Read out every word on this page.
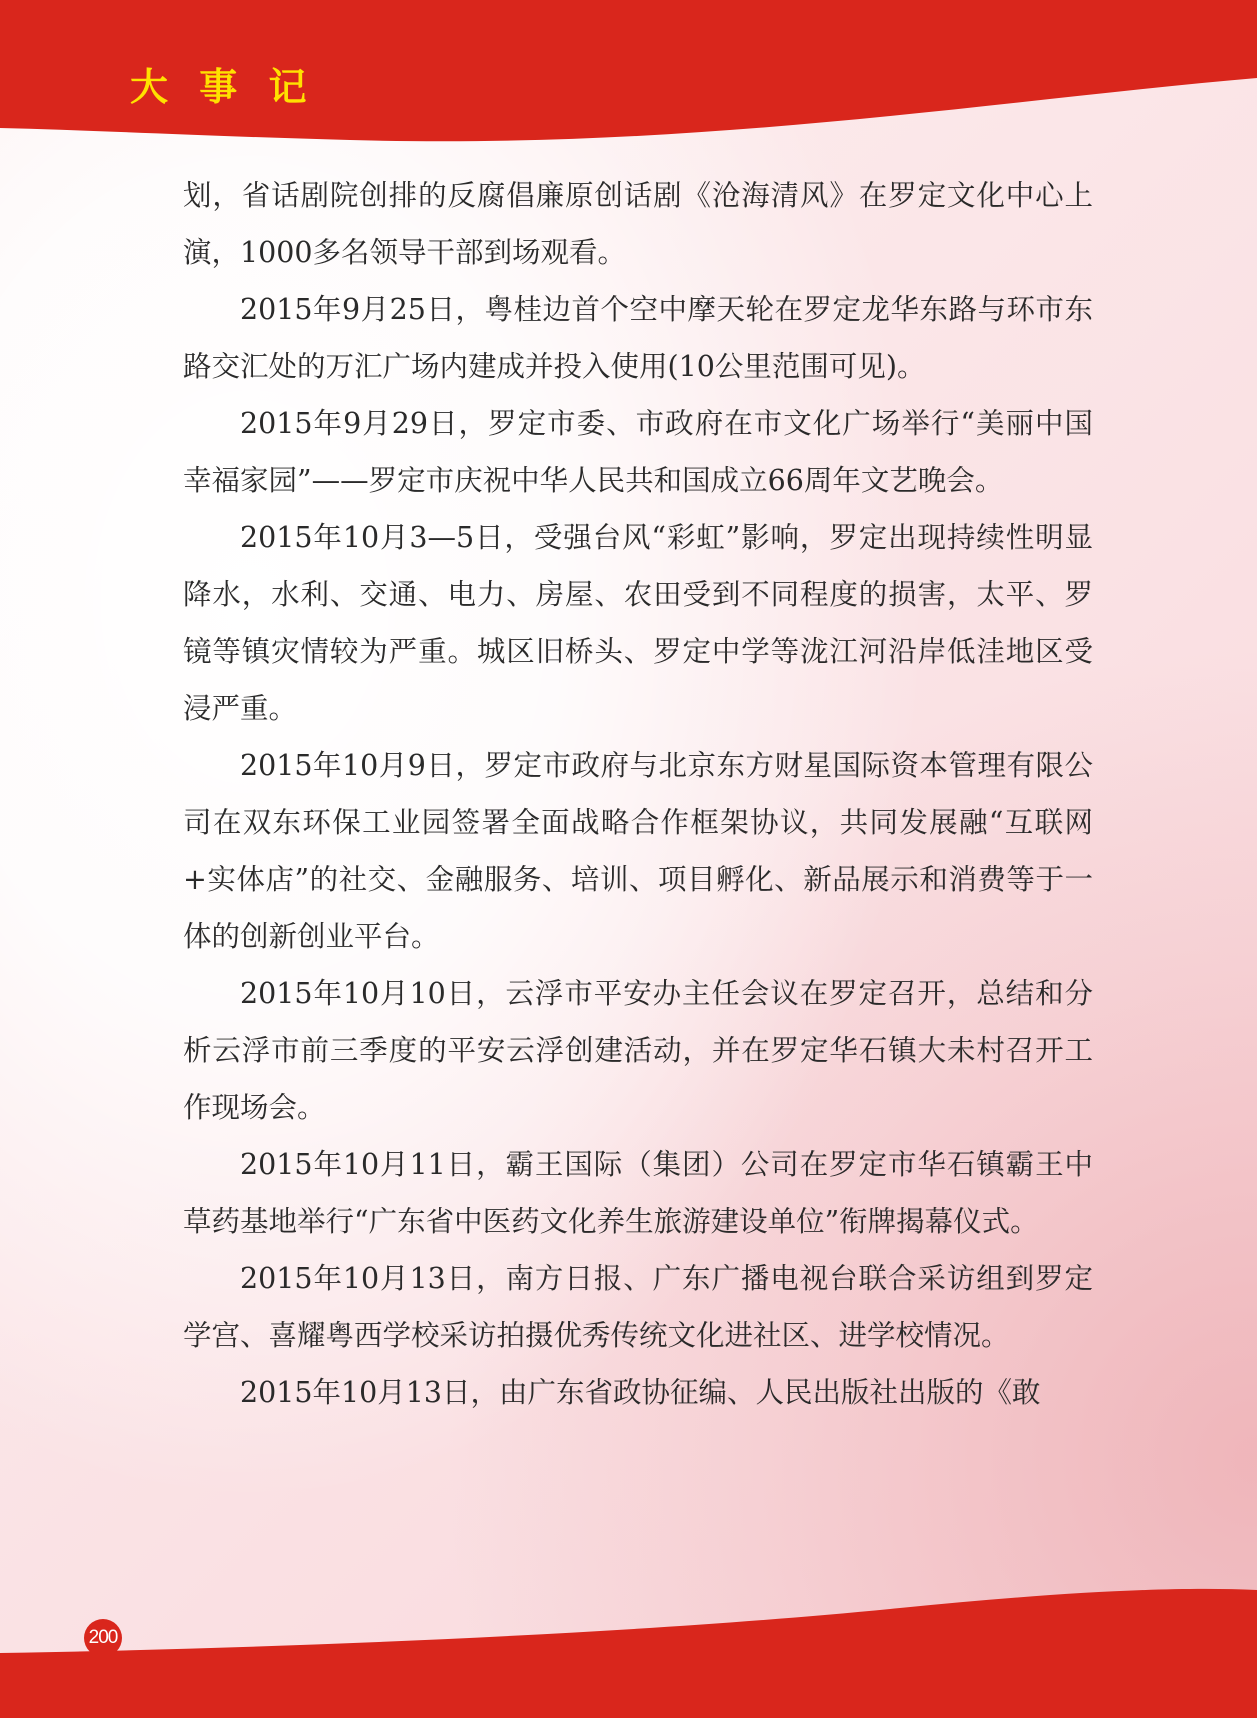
大 事 记

划，省话剧院创排的反腐倡廉原创话剧《沧海清风》在罗定文化中心上演，1000多名领导干部到场观看。

2015年9月25日，粤桂边首个空中摩天轮在罗定龙华东路与环市东路交汇处的万汇广场内建成并投入使用(10公里范围可见)。

2015年9月29日，罗定市委、市政府在市文化广场举行“美丽中国 幸福家园”——罗定市庆祝中华人民共和国成立66周年文艺晚会。

2015年10月3—5日，受强台风“彩虹”影响，罗定出现持续性明显降水，水利、交通、电力、房屋、农田受到不同程度的损害，太平、罗镜等镇灾情较为严重。城区旧桥头、罗定中学等泷江河沿岸低洼地区受浸严重。

2015年10月9日，罗定市政府与北京东方财星国际资本管理有限公司在双东环保工业园签署全面战略合作框架协议，共同发展融“互联网+实体店”的社交、金融服务、培训、项目孵化、新品展示和消费等于一体的创新创业平台。

2015年10月10日，云浮市平安办主任会议在罗定召开，总结和分析云浮市前三季度的平安云浮创建活动，并在罗定华石镇大未村召开工作现场会。

2015年10月11日，霸王国际（集团）公司在罗定市华石镇霸王中草药基地举行“广东省中医药文化养生旅游建设单位”衔牌揭幕仪式。

2015年10月13日，南方日报、广东广播电视台联合采访组到罗定学宫、喜耀粤西学校采访拍摄优秀传统文化进社区、进学校情况。

2015年10月13日，由广东省政协征编、人民出版社出版的《敢

200
